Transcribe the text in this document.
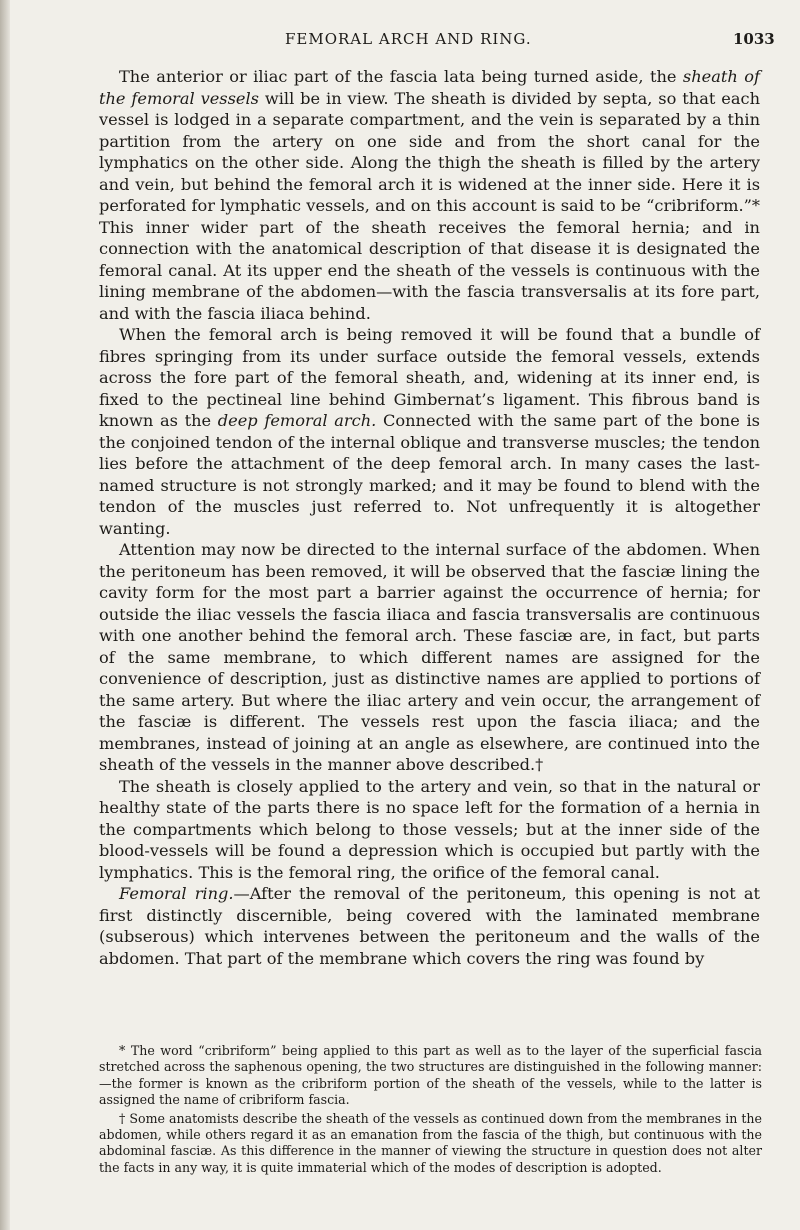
FEMORAL ARCH AND RING.	1033

The anterior or iliac part of the fascia lata being turned aside, the sheath of the femoral vessels will be in view. The sheath is divided by septa, so that each vessel is lodged in a separate compartment, and the vein is separated by a thin partition from the artery on one side and from the short canal for the lymphatics on the other side. Along the thigh the sheath is filled by the artery and vein, but behind the femoral arch it is widened at the inner side. Here it is perforated for lymphatic vessels, and on this account is said to be “cribriform.”* This inner wider part of the sheath receives the femoral hernia; and in connection with the anatomical description of that disease it is designated the femoral canal. At its upper end the sheath of the vessels is continuous with the lining membrane of the abdomen—with the fascia transversalis at its fore part, and with the fascia iliaca behind.

When the femoral arch is being removed it will be found that a bundle of fibres springing from its under surface outside the femoral vessels, extends across the fore part of the femoral sheath, and, widening at its inner end, is fixed to the pectineal line behind Gimbernat’s ligament. This fibrous band is known as the deep femoral arch. Connected with the same part of the bone is the conjoined tendon of the internal oblique and transverse muscles; the tendon lies before the attachment of the deep femoral arch. In many cases the last-named structure is not strongly marked; and it may be found to blend with the tendon of the muscles just referred to. Not unfrequently it is altogether wanting.

Attention may now be directed to the internal surface of the abdomen. When the peritoneum has been removed, it will be observed that the fasciæ lining the cavity form for the most part a barrier against the occurrence of hernia; for outside the iliac vessels the fascia iliaca and fascia transversalis are continuous with one another behind the femoral arch. These fasciæ are, in fact, but parts of the same membrane, to which different names are assigned for the convenience of description, just as distinctive names are applied to portions of the same artery. But where the iliac artery and vein occur, the arrangement of the fasciæ is different. The vessels rest upon the fascia iliaca; and the membranes, instead of joining at an angle as elsewhere, are continued into the sheath of the vessels in the manner above described.†

The sheath is closely applied to the artery and vein, so that in the natural or healthy state of the parts there is no space left for the formation of a hernia in the compartments which belong to those vessels; but at the inner side of the blood-vessels will be found a depression which is occupied but partly with the lymphatics. This is the femoral ring, the orifice of the femoral canal.

Femoral ring.—After the removal of the peritoneum, this opening is not at first distinctly discernible, being covered with the laminated membrane (subserous) which intervenes between the peritoneum and the walls of the abdomen. That part of the membrane which covers the ring was found by

* The word “cribriform” being applied to this part as well as to the layer of the superficial fascia stretched across the saphenous opening, the two structures are distinguished in the following manner:—the former is known as the cribriform portion of the sheath of the vessels, while to the latter is assigned the name of cribriform fascia.

† Some anatomists describe the sheath of the vessels as continued down from the membranes in the abdomen, while others regard it as an emanation from the fascia of the thigh, but continuous with the abdominal fasciæ. As this difference in the manner of viewing the structure in question does not alter the facts in any way, it is quite immaterial which of the modes of description is adopted.
